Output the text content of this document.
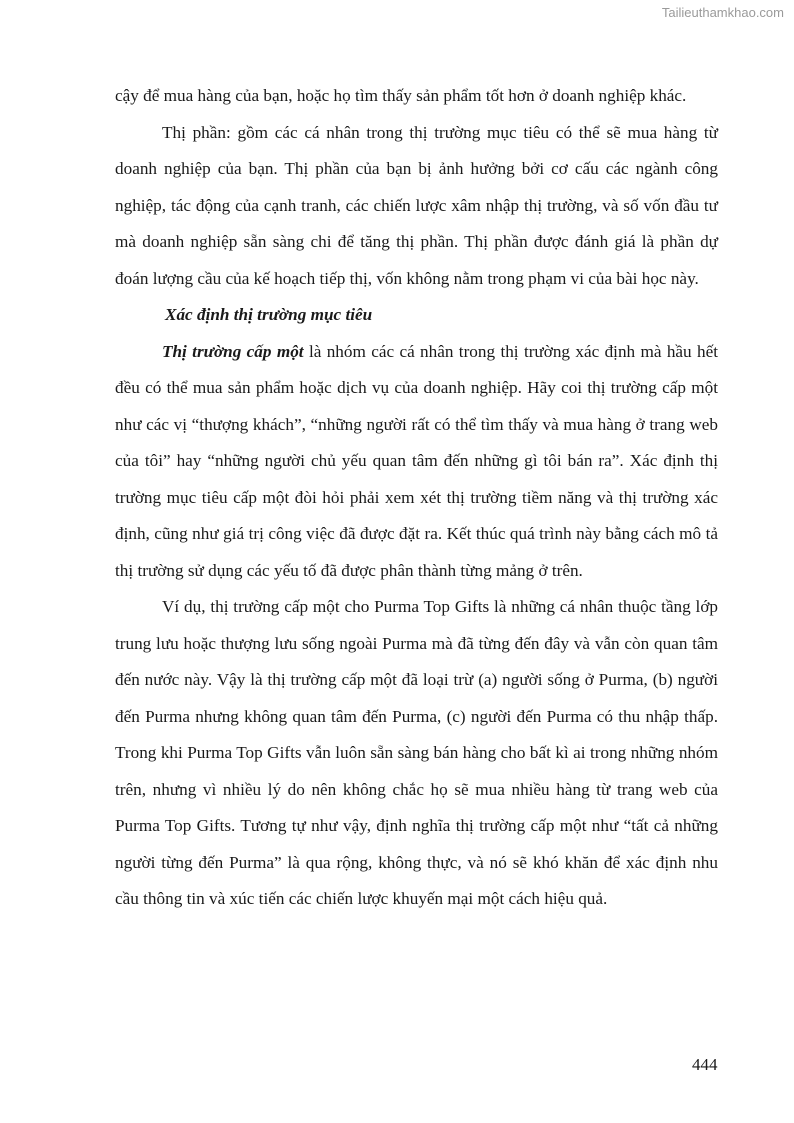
Tailieuthamkhao.com

cậy để mua hàng của bạn, hoặc họ tìm thấy sản phẩm tốt hơn ở doanh nghiệp khác.

Thị phần: gồm các cá nhân trong thị trường mục tiêu có thể sẽ mua hàng từ doanh nghiệp của bạn. Thị phần của bạn bị ảnh hưởng bởi cơ cấu các ngành công nghiệp, tác động của cạnh tranh, các chiến lược xâm nhập thị trường, và số vốn đầu tư mà doanh nghiệp sẵn sàng chi để tăng thị phần. Thị phần được đánh giá là phần dự đoán lượng cầu của kế hoạch tiếp thị, vốn không nằm trong phạm vi của bài học này.

Xác định thị trường mục tiêu

Thị trường cấp một là nhóm các cá nhân trong thị trường xác định mà hầu hết đều có thể mua sản phẩm hoặc dịch vụ của doanh nghiệp. Hãy coi thị trường cấp một như các vị “thượng khách”, “những người rất có thể tìm thấy và mua hàng ở trang web của tôi” hay “những người chủ yếu quan tâm đến những gì tôi bán ra”. Xác định thị trường mục tiêu cấp một đòi hỏi phải xem xét thị trường tiềm năng và thị trường xác định, cũng như giá trị công việc đã được đặt ra. Kết thúc quá trình này bằng cách mô tả thị trường sử dụng các yếu tố đã được phân thành từng mảng ở trên.

Ví dụ, thị trường cấp một cho Purma Top Gifts là những cá nhân thuộc tầng lớp trung lưu hoặc thượng lưu sống ngoài Purma mà đã từng đến đây và vẫn còn quan tâm đến nước này. Vậy là thị trường cấp một đã loại trừ (a) người sống ở Purma, (b) người đến Purma nhưng không quan tâm đến Purma, (c) người đến Purma có thu nhập thấp. Trong khi Purma Top Gifts vẫn luôn sẵn sàng bán hàng cho bất kì ai trong những nhóm trên, nhưng vì nhiều lý do nên không chắc họ sẽ mua nhiều hàng từ trang web của Purma Top Gifts. Tương tự như vậy, định nghĩa thị trường cấp một như “tất cả những người từng đến Purma” là qua rộng, không thực, và nó sẽ khó khăn để xác định nhu cầu thông tin và xúc tiến các chiến lược khuyến mại một cách hiệu quả.

444
